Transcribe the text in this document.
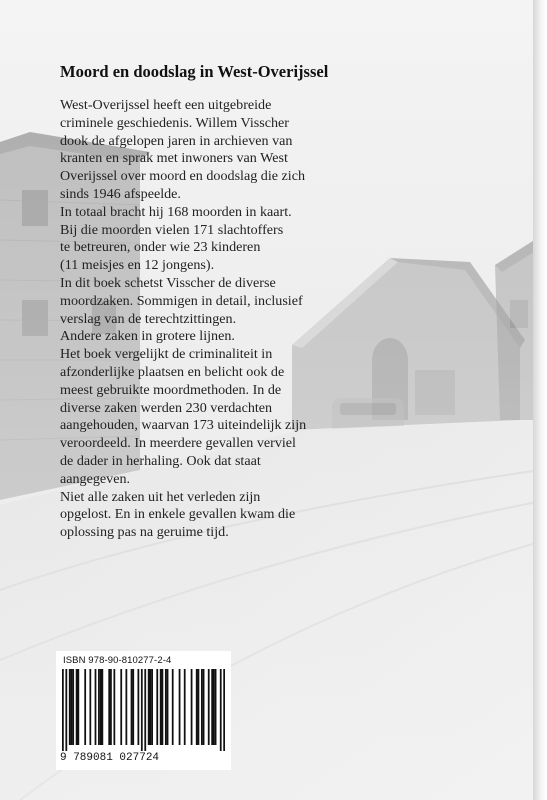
Moord en doodslag in West-Overijssel
West-Overijssel heeft een uitgebreide
criminele geschiedenis. Willem Visscher
dook de afgelopen jaren in archieven van
kranten en sprak met inwoners van West
Overijssel over moord en doodslag die zich
sinds 1946 afspeelde.
In totaal bracht hij 168 moorden in kaart.
Bij die moorden vielen 171 slachtoffers
te betreuren, onder wie 23 kinderen
(11 meisjes en 12 jongens).
In dit boek schetst Visscher de diverse
moordzaken. Sommigen in detail, inclusief
verslag van de terechtzittingen.
Andere zaken in grotere lijnen.
Het boek vergelijkt de criminaliteit in
afzonderlijke plaatsen en belicht ook de
meest gebruikte moordmethoden. In de
diverse zaken werden 230 verdachten
aangehouden, waarvan 173 uiteindelijk zijn
veroordeeld. In meerdere gevallen verviel
de dader in herhaling. Ook dat staat
aangegeven.
Niet alle zaken uit het verleden zijn
opgelost. En in enkele gevallen kwam die
oplossing pas na geruime tijd.
ISBN 978-90-810277-2-4
9 789081 027724
